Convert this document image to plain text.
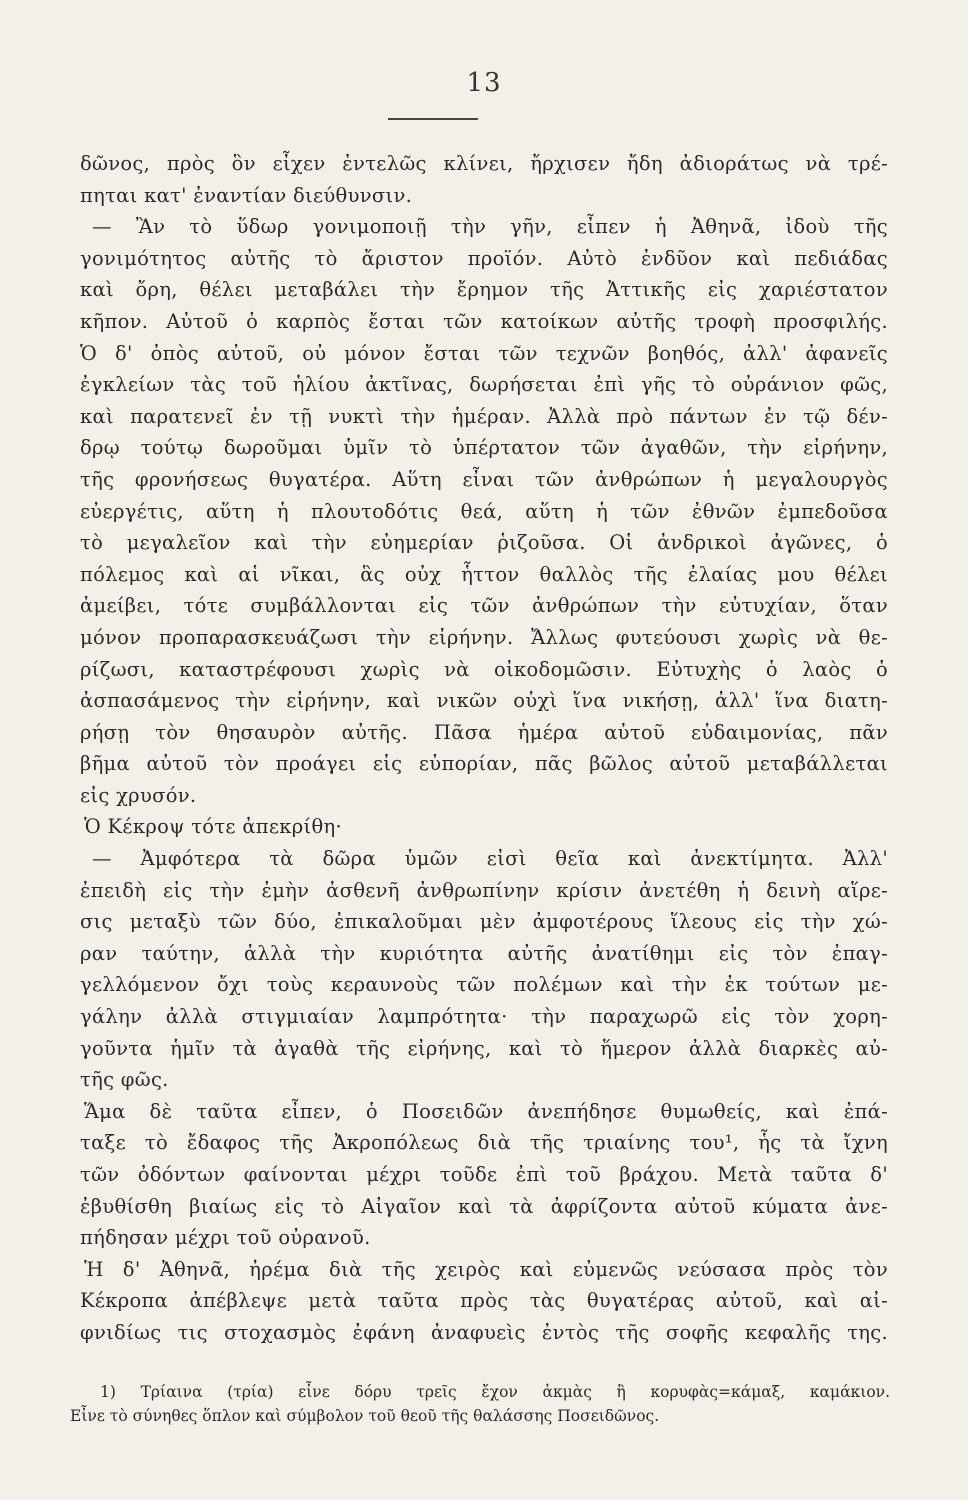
13
δῶνος, πρὸς ὃν εἶχεν ἐντελῶς κλίνει, ἤρχισεν ἤδη ἀδιοράτως νὰ τρέ-
πηται κατ' ἐναντίαν διεύθυνσιν.
— Ἂν τὸ ὕδωρ γονιμοποιῇ τὴν γῆν, εἶπεν ἡ Ἀθηνᾶ, ἰδοὺ τῆς
γονιμότητος αὐτῆς τὸ ἄριστον προϊόν. Αὐτὸ ἐνδῦον καὶ πεδιάδας
καὶ ὄρη, θέλει μεταβάλει τὴν ἔρημον τῆς Ἀττικῆς εἰς χαριέστατον
κῆπον. Αὐτοῦ ὁ καρπὸς ἔσται τῶν κατοίκων αὐτῆς τροφὴ προσφιλής.
Ὁ δ' ὀπὸς αὐτοῦ, οὐ μόνον ἔσται τῶν τεχνῶν βοηθός, ἀλλ' ἀφανεῖς
ἐγκλείων τὰς τοῦ ἡλίου ἀκτῖνας, δωρήσεται ἐπὶ γῆς τὸ οὐράνιον φῶς,
καὶ παρατενεῖ ἐν τῇ νυκτὶ τὴν ἡμέραν. Ἀλλὰ πρὸ πάντων ἐν τῷ δέν-
δρῳ τούτῳ δωροῦμαι ὑμῖν τὸ ὑπέρτατον τῶν ἀγαθῶν, τὴν εἰρήνην,
τῆς φρονήσεως θυγατέρα. Αὕτη εἶναι τῶν ἀνθρώπων ἡ μεγαλουργὸς
εὐεργέτις, αὕτη ἡ πλουτοδότις θεά, αὕτη ἡ τῶν ἐθνῶν ἐμπεδοῦσα
τὸ μεγαλεῖον καὶ τὴν εὐημερίαν ῥιζοῦσα. Οἱ ἀνδρικοὶ ἀγῶνες, ὁ
πόλεμος καὶ αἱ νῖκαι, ἃς οὐχ ἧττον θαλλὸς τῆς ἐλαίας μου θέλει
ἀμείβει, τότε συμβάλλονται εἰς τῶν ἀνθρώπων τὴν εὐτυχίαν, ὅταν
μόνον προπαρασκευάζωσι τὴν εἰρήνην. Ἄλλως φυτεύουσι χωρὶς νὰ θε-
ρίζωσι, καταστρέφουσι χωρὶς νὰ οἰκοδομῶσιν. Εὐτυχὴς ὁ λαὸς ὁ
ἀσπασάμενος τὴν εἰρήνην, καὶ νικῶν οὐχὶ ἵνα νικήσῃ, ἀλλ' ἵνα διατη-
ρήσῃ τὸν θησαυρὸν αὐτῆς. Πᾶσα ἡμέρα αὐτοῦ εὐδαιμονίας, πᾶν
βῆμα αὐτοῦ τὸν προάγει εἰς εὐπορίαν, πᾶς βῶλος αὐτοῦ μεταβάλλεται
εἰς χρυσόν.
Ὁ Κέκροψ τότε ἀπεκρίθη·
— Ἀμφότερα τὰ δῶρα ὑμῶν εἰσὶ θεῖα καὶ ἀνεκτίμητα. Ἀλλ'
ἐπειδὴ εἰς τὴν ἐμὴν ἀσθενῆ ἀνθρωπίνην κρίσιν ἀνετέθη ἡ δεινὴ αἵρε-
σις μεταξὺ τῶν δύο, ἐπικαλοῦμαι μὲν ἀμφοτέρους ἵλεους εἰς τὴν χώ-
ραν ταύτην, ἀλλὰ τὴν κυριότητα αὐτῆς ἀνατίθημι εἰς τὸν ἐπαγ-
γελλόμενον ὄχι τοὺς κεραυνοὺς τῶν πολέμων καὶ τὴν ἐκ τούτων με-
γάλην ἀλλὰ στιγμιαίαν λαμπρότητα· τὴν παραχωρῶ εἰς τὸν χορη-
γοῦντα ἡμῖν τὰ ἀγαθὰ τῆς εἰρήνης, καὶ τὸ ἥμερον ἀλλὰ διαρκὲς αὐ-
τῆς φῶς.
Ἅμα δὲ ταῦτα εἶπεν, ὁ Ποσειδῶν ἀνεπήδησε θυμωθείς, καὶ ἐπά-
ταξε τὸ ἔδαφος τῆς Ἀκροπόλεως διὰ τῆς τριαίνης του¹, ἧς τὰ ἴχνη
τῶν ὀδόντων φαίνονται μέχρι τοῦδε ἐπὶ τοῦ βράχου. Μετὰ ταῦτα δ'
ἐβυθίσθη βιαίως εἰς τὸ Αἰγαῖον καὶ τὰ ἀφρίζοντα αὐτοῦ κύματα ἀνε-
πήδησαν μέχρι τοῦ οὐρανοῦ.
Ἡ δ' Ἀθηνᾶ, ἠρέμα διὰ τῆς χειρὸς καὶ εὐμενῶς νεύσασα πρὸς τὸν
Κέκροπα ἀπέβλεψε μετὰ ταῦτα πρὸς τὰς θυγατέρας αὐτοῦ, καὶ αἰ-
φνιδίως τις στοχασμὸς ἐφάνη ἀναφυεὶς ἐντὸς τῆς σοφῆς κεφαλῆς της.
1) Τρίαινα (τρία) εἶνε δόρυ τρεῖς ἔχον ἀκμὰς ἢ κορυφὰς=κάμαξ, καμάκιον.
Εἶνε τὸ σύνηθες ὅπλον καὶ σύμβολον τοῦ θεοῦ τῆς θαλάσσης Ποσειδῶνος.
